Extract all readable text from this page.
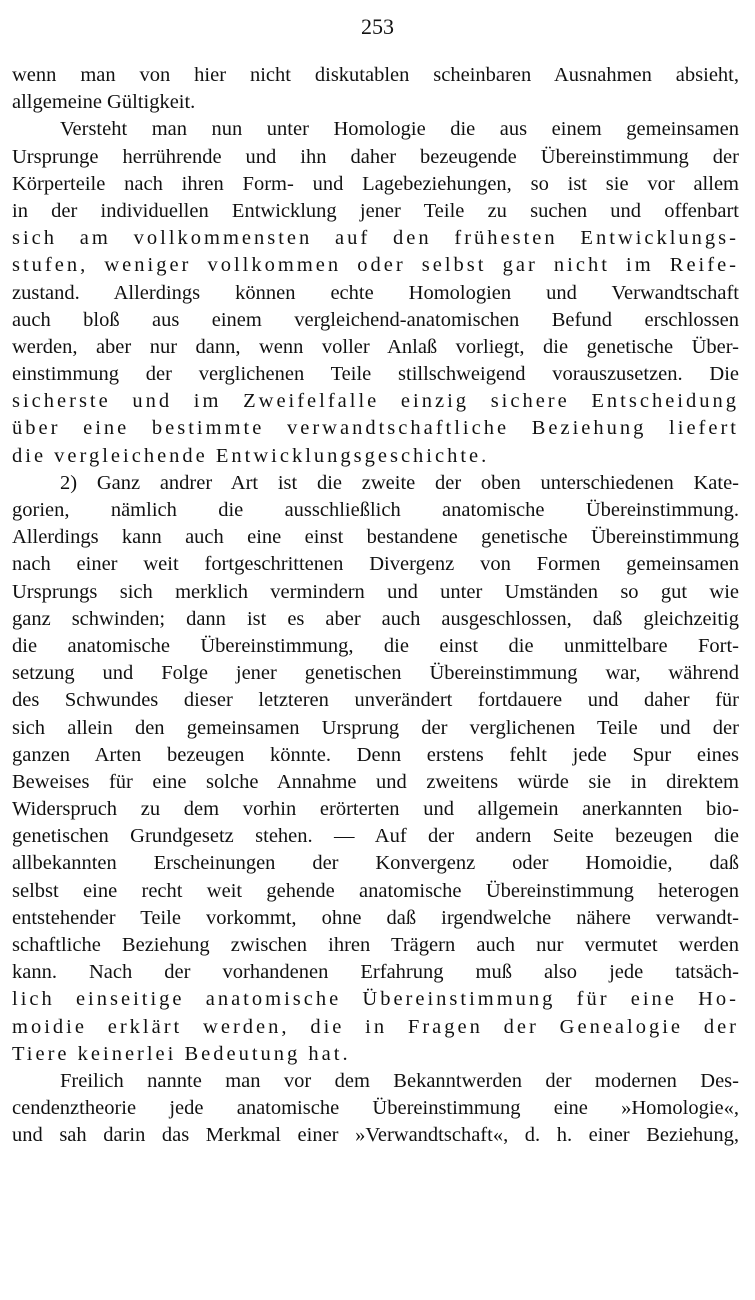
253
wenn man von hier nicht diskutablen scheinbaren Ausnahmen absieht,
allgemeine Gültigkeit.
Versteht man nun unter Homologie die aus einem gemeinsamen
Ursprunge herrührende und ihn daher bezeugende Übereinstimmung der
Körperteile nach ihren Form- und Lagebeziehungen, so ist sie vor allem
in der individuellen Entwicklung jener Teile zu suchen und offenbart
sich am vollkommensten auf den frühesten Entwicklungs-
stufen, weniger vollkommen oder selbst gar nicht im Reife-
zustand. Allerdings können echte Homologien und Verwandtschaft
auch bloß aus einem vergleichend-anatomischen Befund erschlossen
werden, aber nur dann, wenn voller Anlaß vorliegt, die genetische Über-
einstimmung der verglichenen Teile stillschweigend vorauszusetzen. Die
sicherste und im Zweifelfalle einzig sichere Entscheidung
über eine bestimmte verwandtschaftliche Beziehung liefert
die vergleichende Entwicklungsgeschichte.
2) Ganz andrer Art ist die zweite der oben unterschiedenen Kate-
gorien, nämlich die ausschließlich anatomische Übereinstimmung.
Allerdings kann auch eine einst bestandene genetische Übereinstimmung
nach einer weit fortgeschrittenen Divergenz von Formen gemeinsamen
Ursprungs sich merklich vermindern und unter Umständen so gut wie
ganz schwinden; dann ist es aber auch ausgeschlossen, daß gleichzeitig
die anatomische Übereinstimmung, die einst die unmittelbare Fort-
setzung und Folge jener genetischen Übereinstimmung war, während
des Schwundes dieser letzteren unverändert fortdauere und daher für
sich allein den gemeinsamen Ursprung der verglichenen Teile und der
ganzen Arten bezeugen könnte. Denn erstens fehlt jede Spur eines
Beweises für eine solche Annahme und zweitens würde sie in direktem
Widerspruch zu dem vorhin erörterten und allgemein anerkannten bio-
genetischen Grundgesetz stehen. — Auf der andern Seite bezeugen die
allbekannten Erscheinungen der Konvergenz oder Homoidie, daß
selbst eine recht weit gehende anatomische Übereinstimmung heterogen
entstehender Teile vorkommt, ohne daß irgendwelche nähere verwandt-
schaftliche Beziehung zwischen ihren Trägern auch nur vermutet werden
kann. Nach der vorhandenen Erfahrung muß also jede tatsäch-
lich einseitige anatomische Übereinstimmung für eine Ho-
moidie erklärt werden, die in Fragen der Genealogie der
Tiere keinerlei Bedeutung hat.
Freilich nannte man vor dem Bekanntwerden der modernen Des-
cendenztheorie jede anatomische Übereinstimmung eine »Homologie«,
und sah darin das Merkmal einer »Verwandtschaft«, d. h. einer Beziehung,
